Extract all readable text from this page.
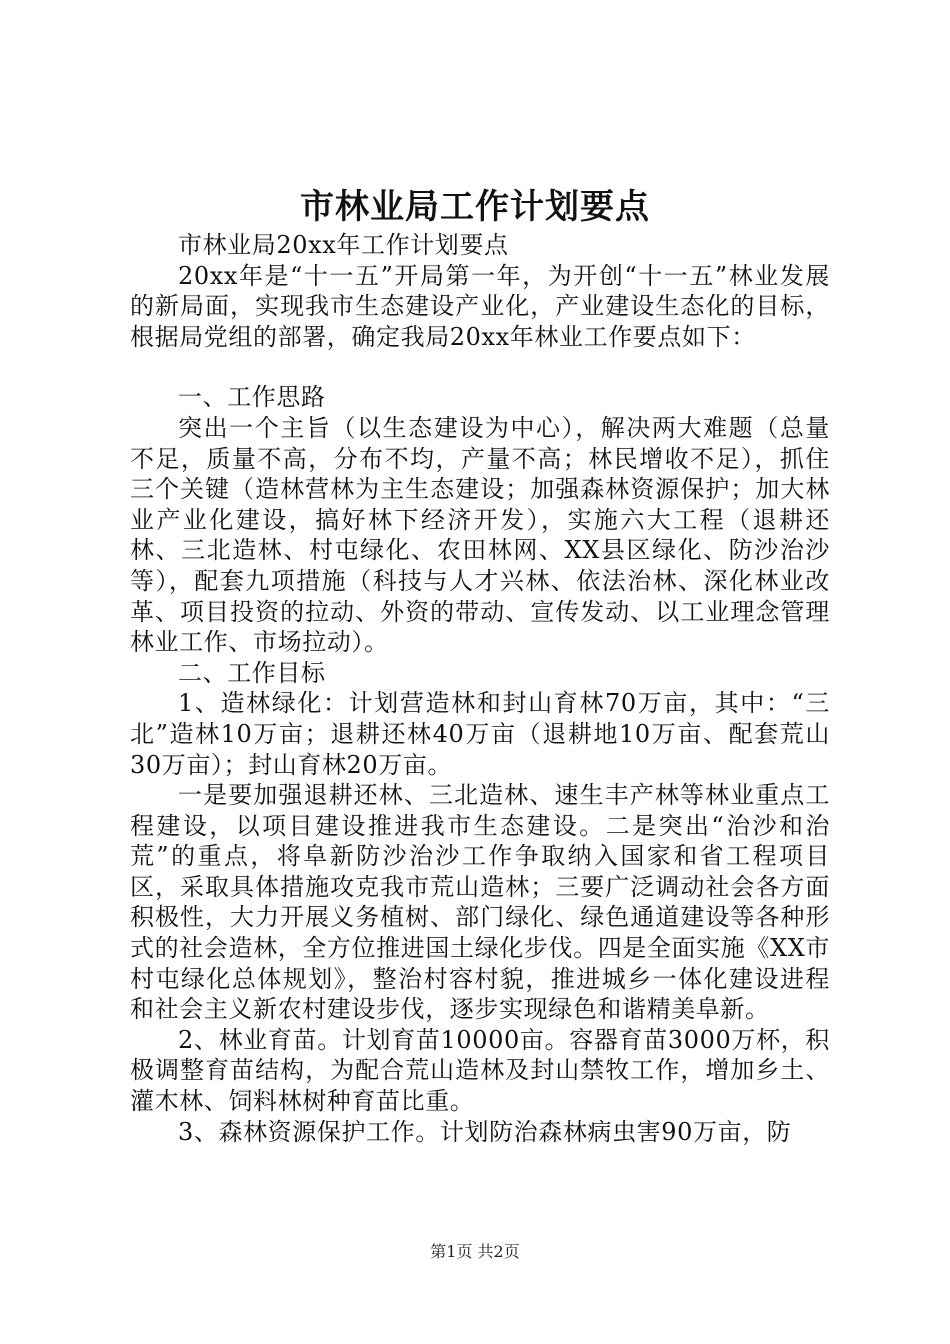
市林业局工作计划要点

市林业局20xx年工作计划要点

20xx年是“十一五”开局第一年，为开创“十一五”林业发展的新局面，实现我市生态建设产业化，产业建设生态化的目标，根据局党组的部署，确定我局20xx年林业工作要点如下：

一、工作思路

突出一个主旨（以生态建设为中心），解决两大难题（总量不足，质量不高，分布不均，产量不高；林民增收不足），抓住三个关键（造林营林为主生态建设；加强森林资源保护；加大林业产业化建设，搞好林下经济开发），实施六大工程（退耕还林、三北造林、村屯绿化、农田林网、XX县区绿化、防沙治沙等），配套九项措施（科技与人才兴林、依法治林、深化林业改革、项目投资的拉动、外资的带动、宣传发动、以工业理念管理林业工作、市场拉动）。

二、工作目标

1、造林绿化：计划营造林和封山育林70万亩，其中：“三北”造林10万亩；退耕还林40万亩（退耕地10万亩、配套荒山30万亩）；封山育林20万亩。

一是要加强退耕还林、三北造林、速生丰产林等林业重点工程建设，以项目建设推进我市生态建设。二是突出“治沙和治荒”的重点，将阜新防沙治沙工作争取纳入国家和省工程项目区，采取具体措施攻克我市荒山造林；三要广泛调动社会各方面积极性，大力开展义务植树、部门绿化、绿色通道建设等各种形式的社会造林，全方位推进国土绿化步伐。四是全面实施《XX市村屯绿化总体规划》，整治村容村貌，推进城乡一体化建设进程和社会主义新农村建设步伐，逐步实现绿色和谐精美阜新。

2、林业育苗。计划育苗10000亩。容器育苗3000万杯，积极调整育苗结构，为配合荒山造林及封山禁牧工作，增加乡土、灌木林、饲料林树种育苗比重。

3、森林资源保护工作。计划防治森林病虫害90万亩，防

第1页 共2页
